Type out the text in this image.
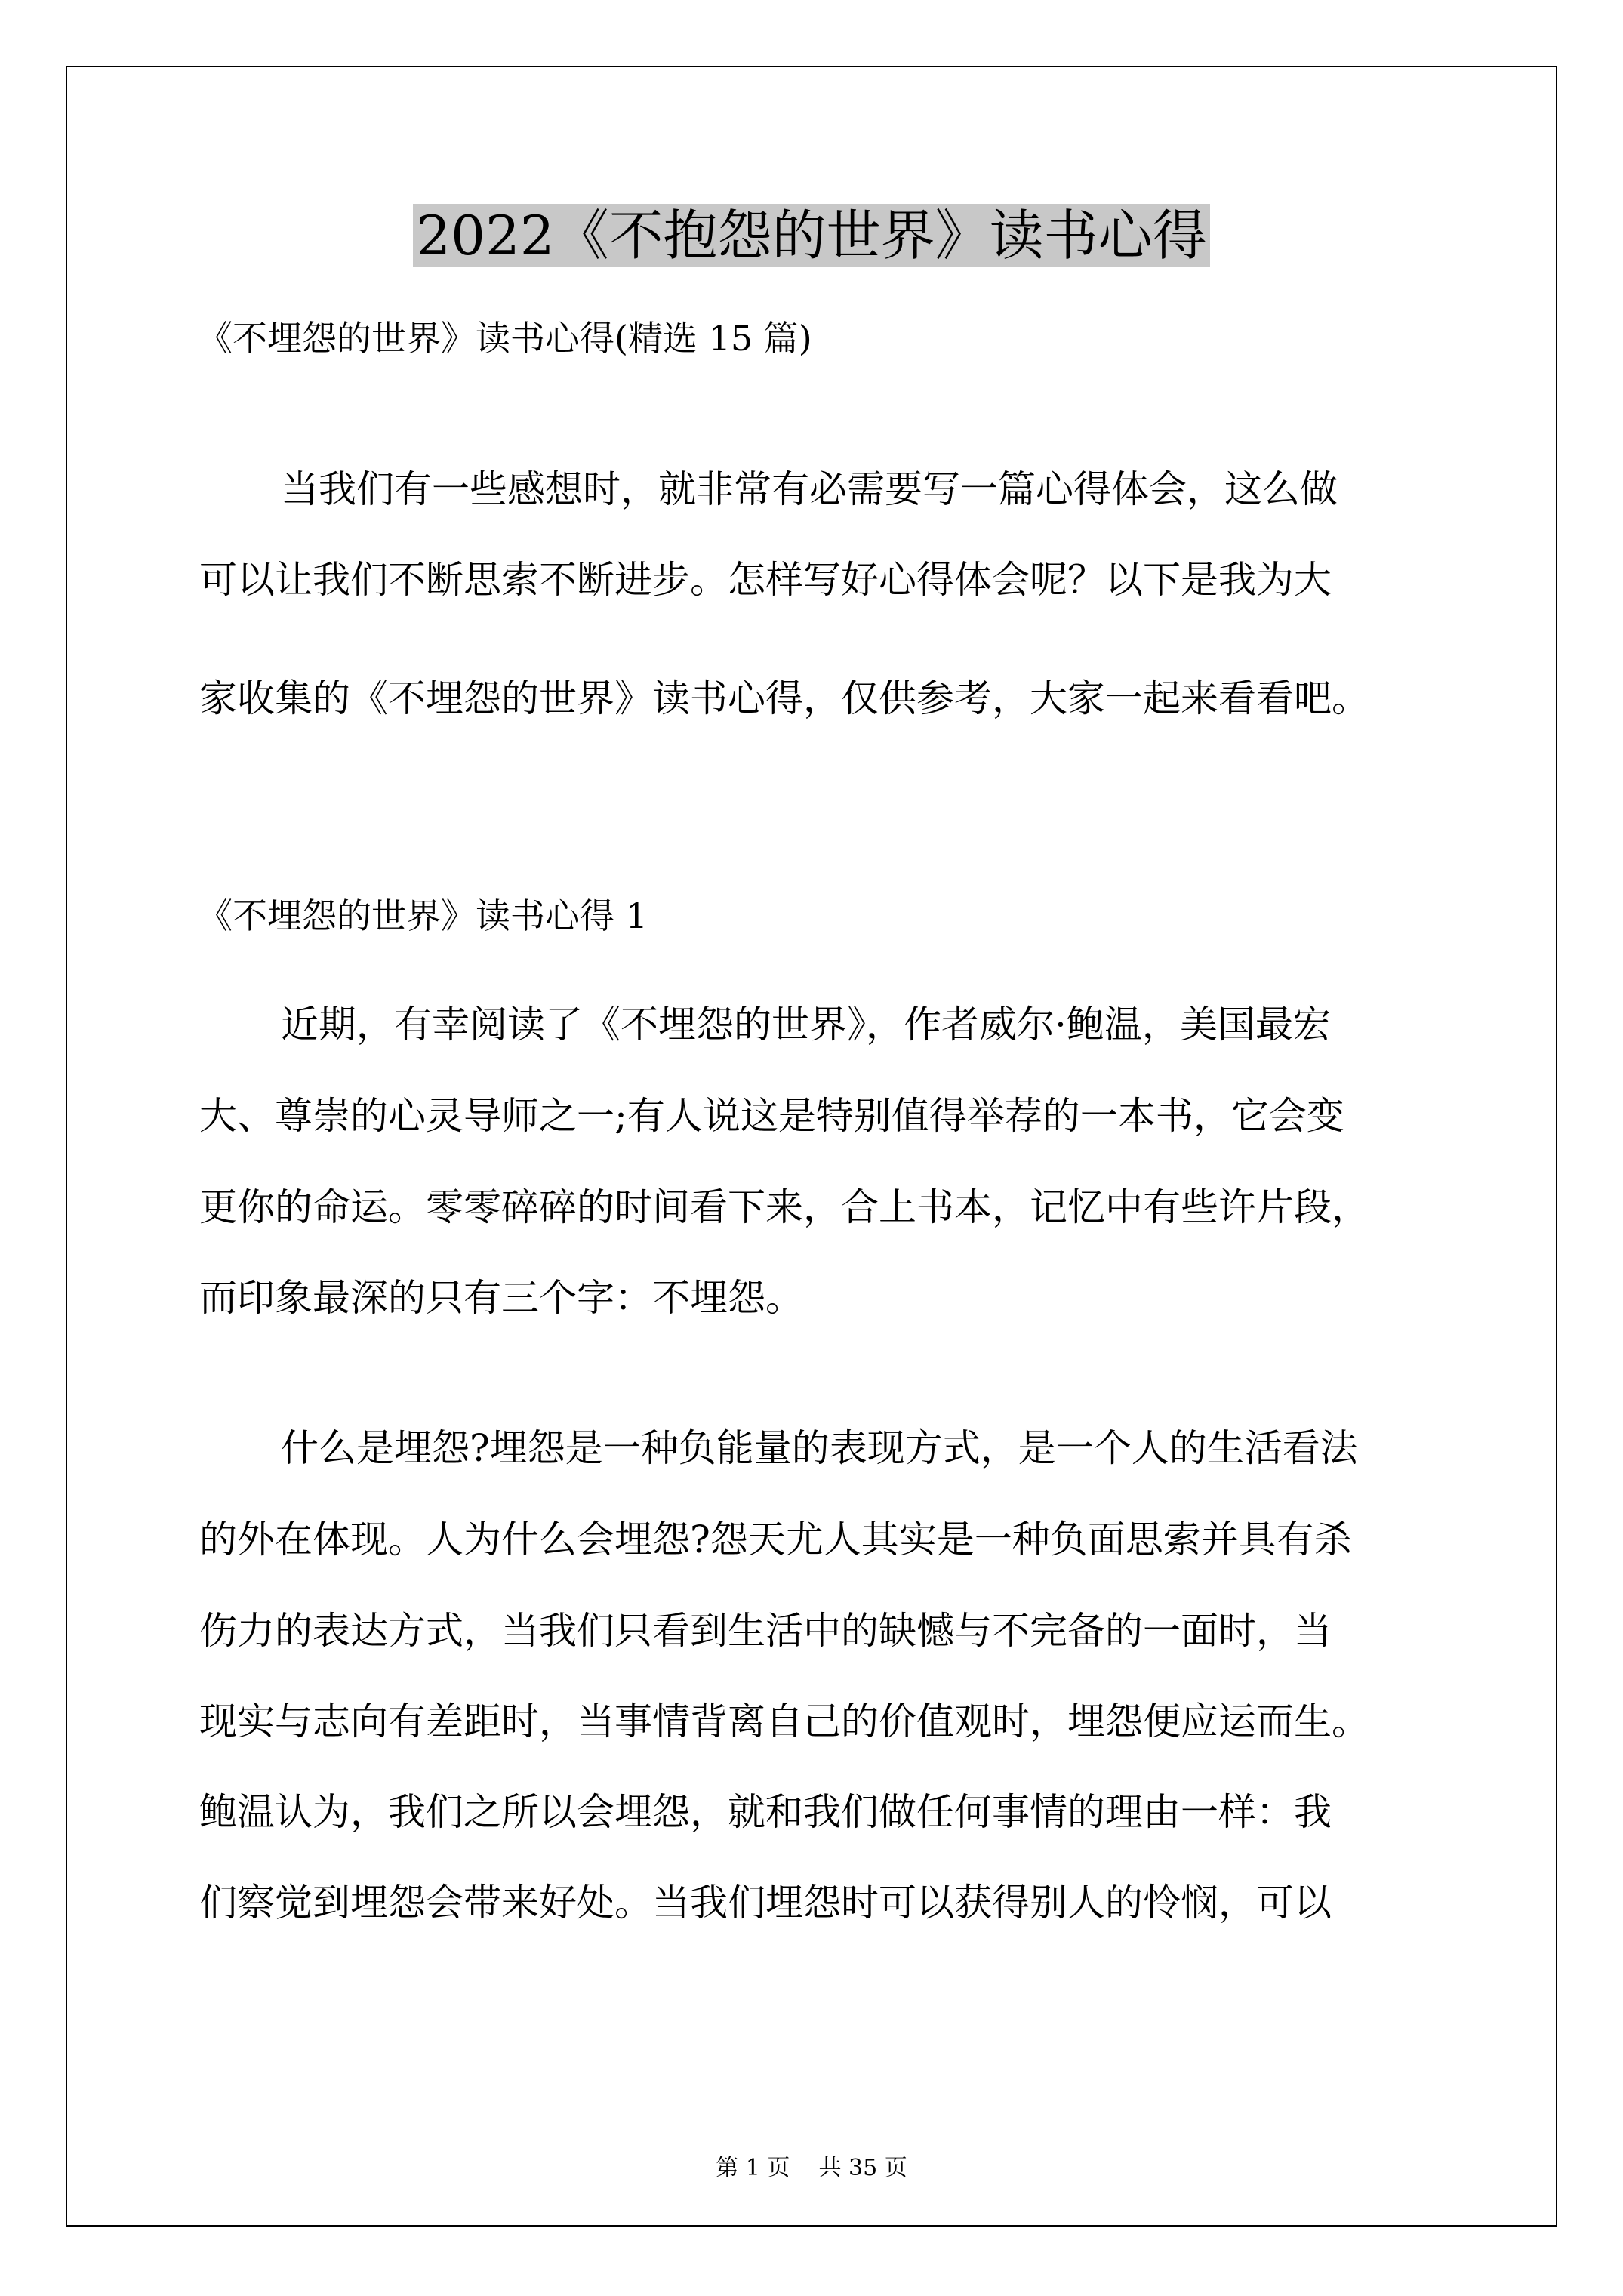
2022《不抱怨的世界》读书心得
《不埋怨的世界》读书心得(精选 15 篇)
当我们有一些感想时，就非常有必需要写一篇心得体会，这么做
可以让我们不断思索不断进步。怎样写好心得体会呢？以下是我为大
家收集的《不埋怨的世界》读书心得，仅供参考，大家一起来看看吧。
《不埋怨的世界》读书心得 1
近期，有幸阅读了《不埋怨的世界》，作者威尔·鲍温，美国最宏
大、尊崇的心灵导师之一;有人说这是特别值得举荐的一本书，它会变
更你的命运。零零碎碎的时间看下来，合上书本，记忆中有些许片段，
而印象最深的只有三个字：不埋怨。
什么是埋怨?埋怨是一种负能量的表现方式，是一个人的生活看法
的外在体现。人为什么会埋怨?怨天尤人其实是一种负面思索并具有杀
伤力的表达方式，当我们只看到生活中的缺憾与不完备的一面时，当
现实与志向有差距时，当事情背离自己的价值观时，埋怨便应运而生。
鲍温认为，我们之所以会埋怨，就和我们做任何事情的理由一样：我
们察觉到埋怨会带来好处。当我们埋怨时可以获得别人的怜悯，可以
第 1 页    共 35 页
